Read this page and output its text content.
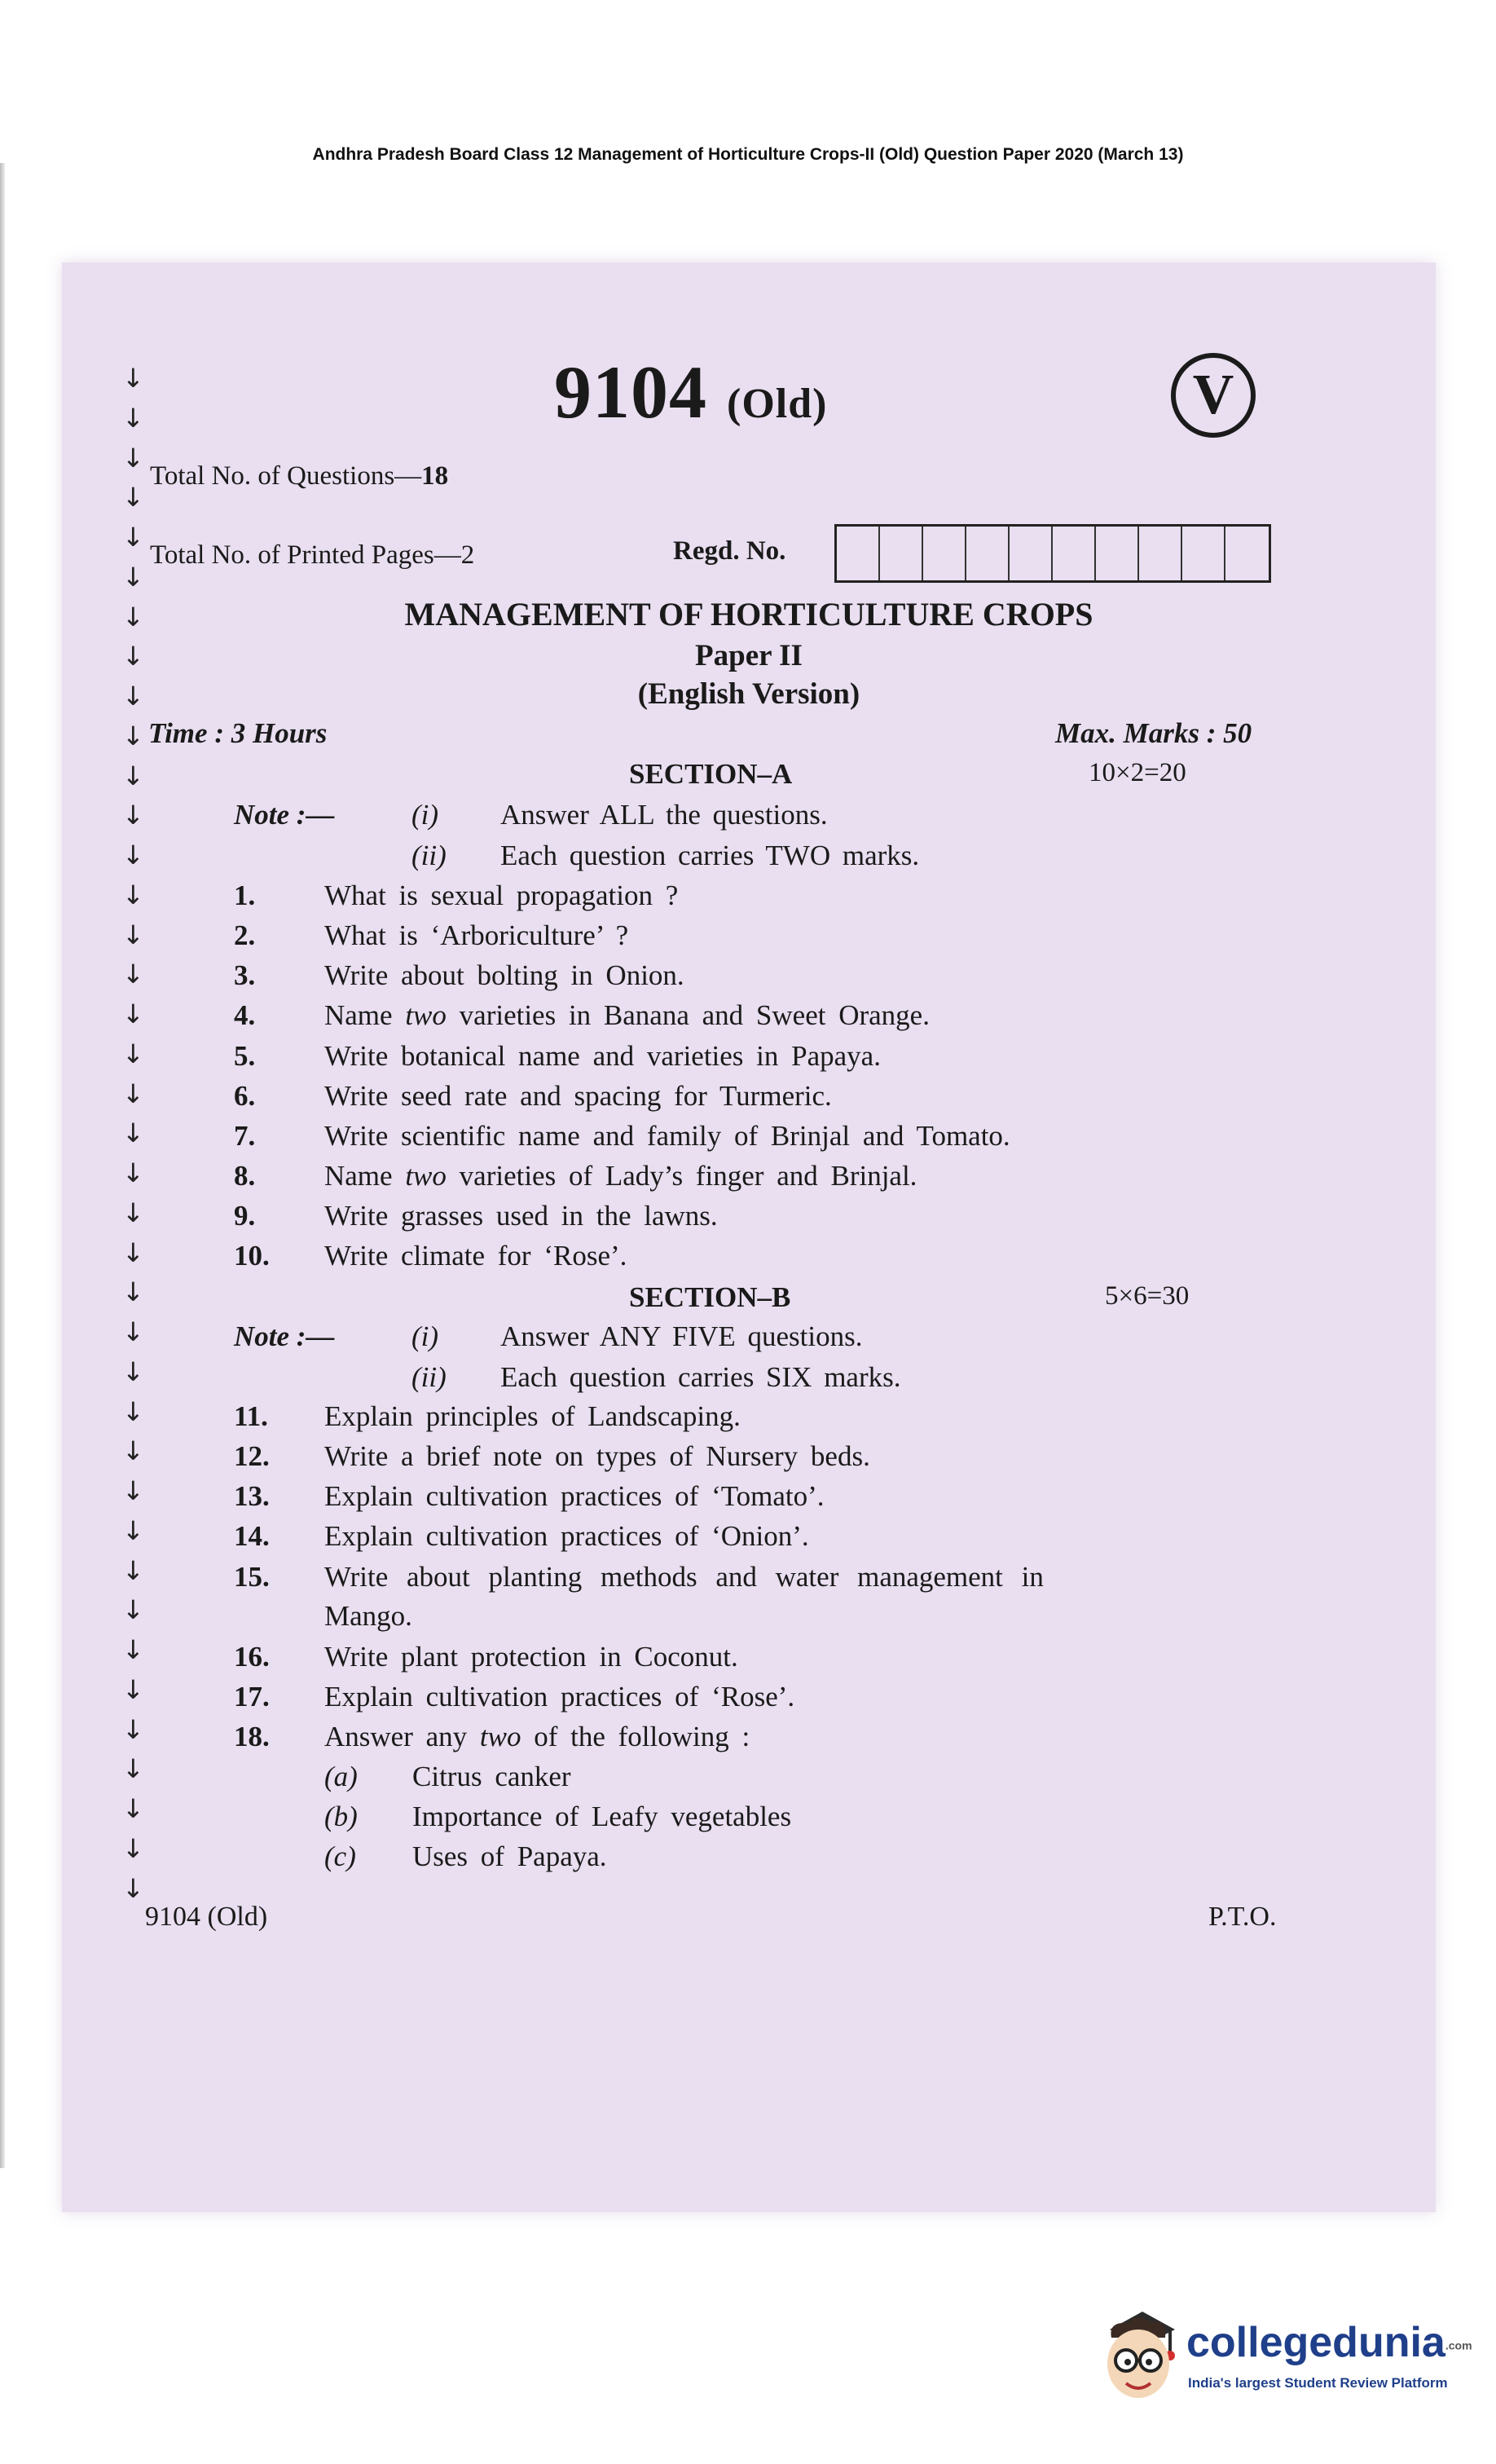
Andhra Pradesh Board Class 12 Management of Horticulture Crops-II (Old) Question Paper 2020 (March 13)
↓
↓
↓
↓
↓
↓
↓
↓
↓
↓
↓
↓
↓
↓
↓
↓
↓
↓
↓
↓
↓
↓
↓
↓
↓
↓
↓
↓
↓
↓
↓
↓
↓
↓
↓
↓
↓
↓
↓
9104 (Old)	V
Total No. of Questions—18
Total No. of Printed Pages—2	Regd. No.
MANAGEMENT OF HORTICULTURE CROPS
Paper II
(English Version)
Time : 3 Hours	Max. Marks : 50
SECTION–A	10×2=20
Note :—	(i) Answer ALL the questions.
(ii) Each question carries TWO marks.
1. What is sexual propagation ?
2. What is ‘Arboriculture’ ?
3. Write about bolting in Onion.
4. Name two varieties in Banana and Sweet Orange.
5. Write botanical name and varieties in Papaya.
6. Write seed rate and spacing for Turmeric.
7. Write scientific name and family of Brinjal and Tomato.
8. Name two varieties of Lady’s finger and Brinjal.
9. Write grasses used in the lawns.
10. Write climate for ‘Rose’.
SECTION–B	5×6=30
Note :—	(i) Answer ANY FIVE questions.
(ii) Each question carries SIX marks.
11. Explain principles of Landscaping.
12. Write a brief note on types of Nursery beds.
13. Explain cultivation practices of ‘Tomato’.
14. Explain cultivation practices of ‘Onion’.
15. Write about planting methods and water management in
Mango.
16. Write plant protection in Coconut.
17. Explain cultivation practices of ‘Rose’.
18. Answer any two of the following :
(a) Citrus canker
(b) Importance of Leafy vegetables
(c) Uses of Papaya.
9104 (Old)	P.T.O.
collegedunia.com
India's largest Student Review Platform
